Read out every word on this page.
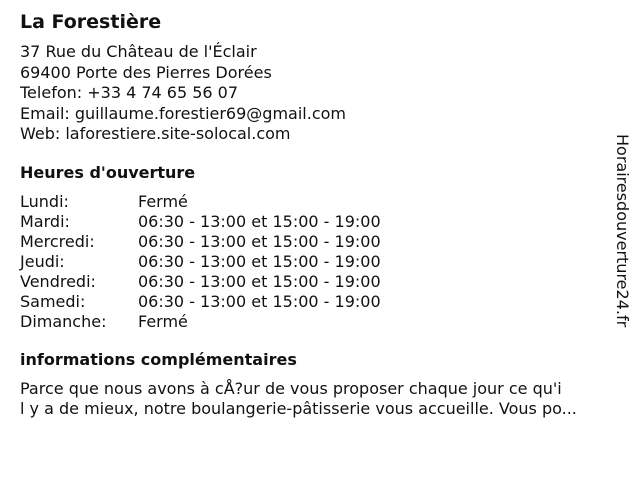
La Forestière
37 Rue du Château de l'Éclair
69400 Porte des Pierres Dorées
Telefon: +33 4 74 65 56 07
Email: guillaume.forestier69@gmail.com
Web: laforestiere.site-solocal.com
Heures d'ouverture
Lundi:	Fermé
Mardi:	06:30 - 13:00 et 15:00 - 19:00
Mercredi:	06:30 - 13:00 et 15:00 - 19:00
Jeudi:	06:30 - 13:00 et 15:00 - 19:00
Vendredi:	06:30 - 13:00 et 15:00 - 19:00
Samedi:	06:30 - 13:00 et 15:00 - 19:00
Dimanche:	Fermé
informations complémentaires
Parce que nous avons à cÅ?ur de vous proposer chaque jour ce qu'i
l y a de mieux, notre boulangerie-pâtisserie vous accueille. Vous po...
Horairesdouverture24.fr
